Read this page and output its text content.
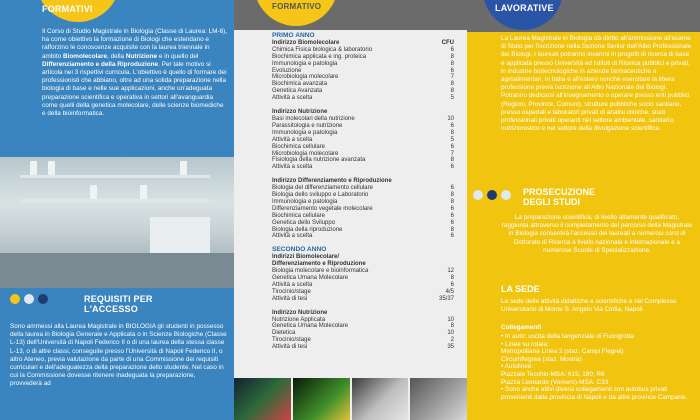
FORMATIVI
Il Corso di Studio Magistrale in Biologia (Classe di Laurea: LM-6), ha come obiettivo la formazione di Biologi che estendano e rafforzino le conoscenze acquisite con la laurea triennale in ambito Biomolecolare, della Nutrizione e in quello del Differenziamento e della Riproduzione. Per tale motivo si articola nei 3 rispettivi curricula. L'obiettivo è quello di formare dei professionisti che abbiano, oltre ad una solida preparazione nella biologia di base e nelle sue applicazioni, anche un'adeguata preparazione scientifica e operativa in settori all'avanguardia come quelli della genetica molecolare, delle scienze biomediche e della bioinformatica.
REQUISITI PER
L'ACCESSO
Sono ammessi alla Laurea Magistrale in BIOLOGIA gli studenti in possesso della laurea in Biologia Generale e Applicata o in Scienze Biologiche (Classe L-13) dell'Università di Napoli Federico II o di una laurea della stessa classe L-13, o di altre classi, conseguite presso l'Università di Napoli Federico II, o altro Ateneo, previa valutazione da parte di una Commissione dei requisiti curriculari e dell'adeguatezza della preparazione dello studente. Nel caso in cui la Commissione dovesse ritenere inadeguata la preparazione, provvederà ad
FORMATIVO
PRIMO ANNO
Indirizzo Biomolecolare	CFU
Chimica Fisica biologica & laboratorio	6
Biochimica applicata e ing. proteica	8
Immunologia e patologia	8
Evoluzione	6
Microbiologia molecolare	7
Biochimica avanzata	8
Genetica Avanzata	8
Attività a scelta	5
Indirizzo Nutrizione
Basi molecolari della nutrizione	10
Parassitologia e nutrizione	6
Immunologia e patologia	8
Attività a scelta	5
Biochimica cellulare	6
Microbiologia molecolare	7
Fisiologia della nutrizione avanzata	8
Attività a scelta	6
Indirizzo Differenziamento e Riproduzione
Biologia del differenziamento cellulare	6
Biologia dello sviluppo e Laboratorio	8
Immunologia e patologia	8
Differenziamento vegetale molecolare	6
Biochimica cellulare	6
Genetica dello Sviluppo	6
Biologia della riproduzione	8
Attività a scelta	6
SECONDO ANNO
Indirizzi Biomolecolare/
Differenziamento e Riproduzione
Biologia molecolare e bioinformatica	12
Genetica Umana Molecolare	8
Attività a scelta	6
Tirocinio/stage	4/5
Attività di tesi	35/37
Indirizzo Nutrizione
Nutrizione Applicata	10
Genetica Umana Molecolare	8
Dietetica	10
Tirocinio/stage	2
Attività di tesi	35
LAVORATIVE
La Laurea Magistrale in Biologia dà diritto all'ammissione all'esame di Stato per l'iscrizione nella Sezione Senior dell'Albo Professionale dei Biologi. I laureati potranno inserirsi in progetti di ricerca di base e applicata presso Università ed Istituti di Ricerca pubblici e privati, in industrie biotecnologiche in aziende farmaceutiche o agroalimentari, in Italia e all'estero nonché esercitare la libera professione previa iscrizione all'Albo Nazionale dei Biologi. Potranno dedicarsi all'insegnamento o operare presso enti pubblici (Regioni, Province, Comuni), strutture pubbliche socio sanitarie, presso ospedali e laboratori privati di analisi cliniche, studi professionali privati operanti nel settore ambientale, sanitario, nutrizionistico e nel settore della divulgazione scientifica.
PROSECUZIONE
DEGLI STUDI
La preparazione scientifica, di livello altamente qualificato, raggiunta attraverso il completamento del percorso della Magistrale in Biologia consentirà l'accesso dei laureati a numerosi corsi di Dottorato di Ricerca a livello nazionale e internazionale e a numerose Scuole di Specializzazione.
LA SEDE
La sede delle attività didattiche e scientifiche è nel Complesso Universitario di Monte S. Angelo Via Cintia, Napoli
Collegamenti
• In auto: uscita della tangenziale di Fuorigrotta
• Linee su rotaia:
Metropolitana Linea 2 (staz. Campi Flegrei)
Circumflegrea (staz. Mostra)
• Autolinee:
Piazzale Tecchio-MSA: 615; 180; R6
Piazza Leonardo (Vomero)-MSA: C33
• Sono anche attivi diversi collegamenti con autobus privati provenienti dalla provincia di Napoli e da altre province Campane.
